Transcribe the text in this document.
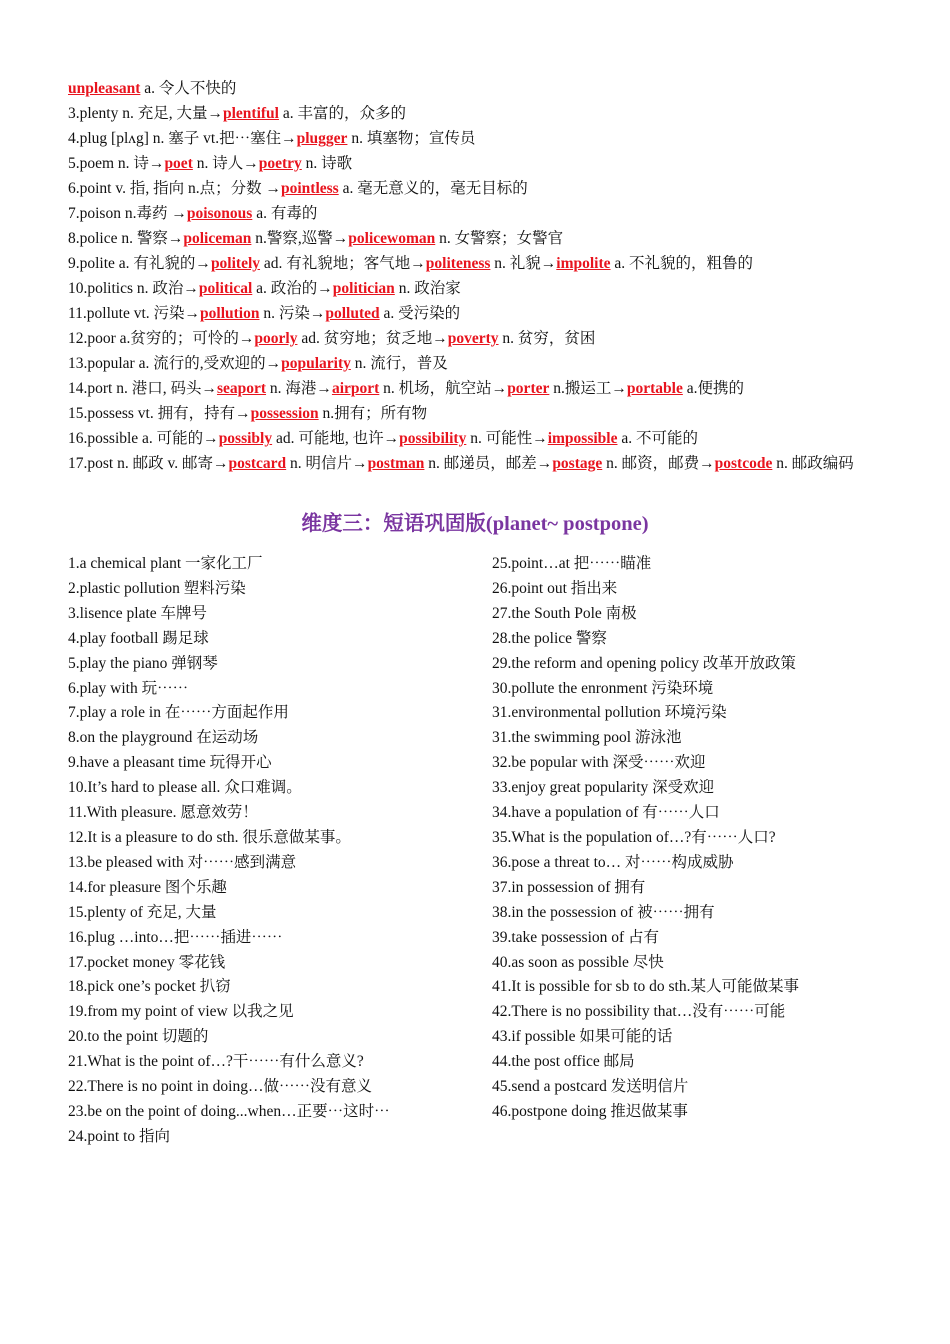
unpleasant a. 令人不快的
3.plenty n. 充足, 大量→plentiful a. 丰富的，众多的
4.plug [plʌg] n. 塞子 vt.把⋯塞住→plugger n. 填塞物；宣传员
5.poem n. 诗→poet n. 诗人→poetry n. 诗歌
6.point v. 指, 指向 n.点；分数 →pointless a. 毫无意义的，毫无目标的
7.poison n.毒药 →poisonous a. 有毒的
8.police n. 警察→policeman n.警察,巡警→policewoman n. 女警察；女警官
9.polite a. 有礼貌的→politely ad. 有礼貌地；客气地→politeness n. 礼貌→impolite a. 不礼貌的，粗鲁的
10.politics n. 政治→political a. 政治的→politician n. 政治家
11.pollute vt. 污染→pollution n. 污染→polluted a. 受污染的
12.poor a.贫穷的；可怜的→poorly ad. 贫穷地；贫乏地→poverty n. 贫穷，贫困
13.popular a. 流行的,受欢迎的→popularity n. 流行，普及
14.port n. 港口, 码头→seaport n. 海港→airport n. 机场，航空站→porter n.搬运工→portable a.便携的
15.possess vt. 拥有，持有→possession n.拥有；所有物
16.possible a. 可能的→possibly ad. 可能地, 也许→possibility n. 可能性→impossible a. 不可能的
17.post n. 邮政 v. 邮寄→postcard n. 明信片→postman n. 邮递员，邮差→postage n. 邮资，邮费→postcode n. 邮政编码
维度三：短语巩固版(planet~ postpone)
1.a chemical plant 一家化工厂
2.plastic pollution 塑料污染
3.lisence plate 车牌号
4.play football 踢足球
5.play the piano 弹钢琴
6.play with 玩⋯⋯
7.play a role in 在⋯⋯方面起作用
8.on the playground 在运动场
9.have a pleasant time 玩得开心
10.It’s hard to please all. 众口难调。
11.With pleasure. 愿意效劳！
12.It is a pleasure to do sth. 很乐意做某事。
13.be pleased with 对⋯⋯感到满意
14.for pleasure 图个乐趣
15.plenty of 充足, 大量
16.plug …into…把⋯⋯插进⋯⋯
17.pocket money 零花钱
18.pick one’s pocket 扒窃
19.from my point of view 以我之见
20.to the point 切题的
21.What is the point of…?干⋯⋯有什么意义?
22.There is no point in doing…做⋯⋯没有意义
23.be on the point of doing...when…正要⋯这时⋯
24.point to 指向
25.point…at 把⋯⋯瞄准
26.point out 指出来
27.the South Pole 南极
28.the police 警察
29.the reform and opening policy 改革开放政策
30.pollute the enronment 污染环境
31.environmental pollution 环境污染
31.the swimming pool 游泳池
32.be popular with 深受⋯⋯欢迎
33.enjoy great popularity 深受欢迎
34.have a population of 有⋯⋯人口
35.What is the population of…?有⋯⋯人口?
36.pose a threat to… 对⋯⋯构成威胁
37.in possession of 拥有
38.in the possession of 被⋯⋯拥有
39.take possession of 占有
40.as soon as possible 尽快
41.It is possible for sb to do sth.某人可能做某事
42.There is no possibility that…没有⋯⋯可能
43.if possible 如果可能的话
44.the post office 邮局
45.send a postcard 发送明信片
46.postpone doing 推迟做某事
